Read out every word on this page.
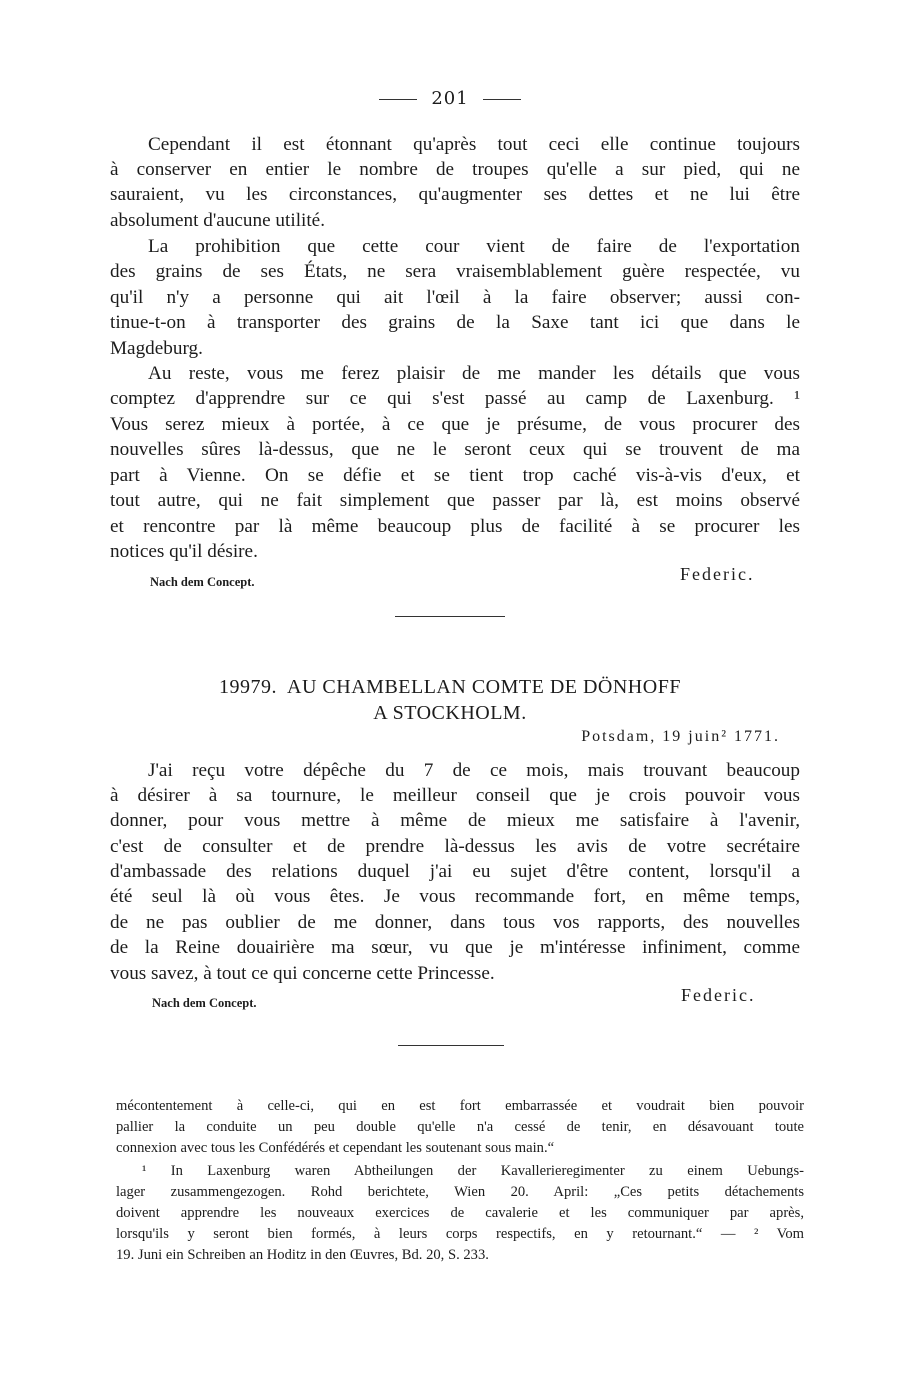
201
Cependant il est étonnant qu'après tout ceci elle continue toujours
à conserver en entier le nombre de troupes qu'elle a sur pied, qui ne
sauraient, vu les circonstances, qu'augmenter ses dettes et ne lui être
absolument d'aucune utilité.
La prohibition que cette cour vient de faire de l'exportation
des grains de ses États, ne sera vraisemblablement guère respectée, vu
qu'il n'y a personne qui ait l'œil à la faire observer; aussi con-
tinue-t-on à transporter des grains de la Saxe tant ici que dans le
Magdeburg.
Au reste, vous me ferez plaisir de me mander les détails que vous
comptez d'apprendre sur ce qui s'est passé au camp de Laxenburg. ¹
Vous serez mieux à portée, à ce que je présume, de vous procurer des
nouvelles sûres là-dessus, que ne le seront ceux qui se trouvent de ma
part à Vienne. On se défie et se tient trop caché vis-à-vis d'eux, et
tout autre, qui ne fait simplement que passer par là, est moins observé
et rencontre par là même beaucoup plus de facilité à se procurer les
notices qu'il désire.
Nach dem Concept.	Federic.
19979. AU CHAMBELLAN COMTE DE DÖNHOFF
A STOCKHOLM.
Potsdam, 19 juin² 1771.
J'ai reçu votre dépêche du 7 de ce mois, mais trouvant beaucoup
à désirer à sa tournure, le meilleur conseil que je crois pouvoir vous
donner, pour vous mettre à même de mieux me satisfaire à l'avenir,
c'est de consulter et de prendre là-dessus les avis de votre secrétaire
d'ambassade des relations duquel j'ai eu sujet d'être content, lorsqu'il a
été seul là où vous êtes. Je vous recommande fort, en même temps,
de ne pas oublier de me donner, dans tous vos rapports, des nouvelles
de la Reine douairière ma sœur, vu que je m'intéresse infiniment, comme
vous savez, à tout ce qui concerne cette Princesse.
Nach dem Concept.	Federic.
mécontentement à celle-ci, qui en est fort embarrassée et voudrait bien pouvoir
pallier la conduite un peu double qu'elle n'a cessé de tenir, en désavouant toute
connexion avec tous les Confédérés et cependant les soutenant sous main.“
¹ In Laxenburg waren Abtheilungen der Kavallerieregimenter zu einem Uebungs-
lager zusammengezogen. Rohd berichtete, Wien 20. April: „Ces petits détachements
doivent apprendre les nouveaux exercices de cavalerie et les communiquer par après,
lorsqu'ils y seront bien formés, à leurs corps respectifs, en y retournant.“ — ² Vom
19. Juni ein Schreiben an Hoditz in den Œuvres, Bd. 20, S. 233.
